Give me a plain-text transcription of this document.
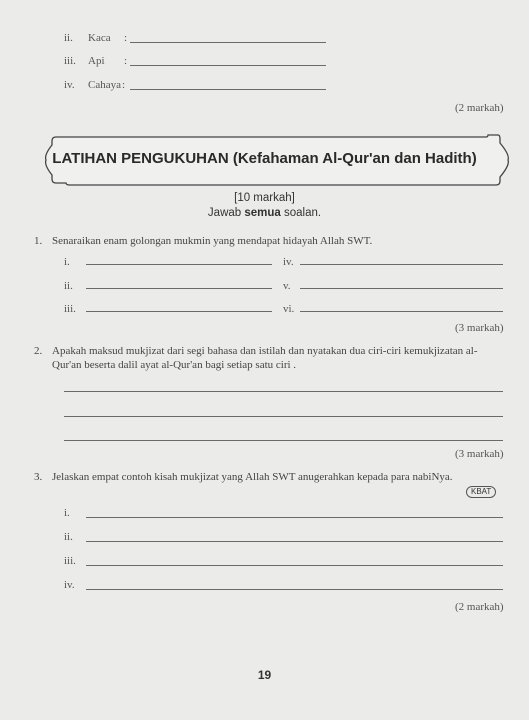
ii. Kaca :
iii. Api :
iv. Cahaya :
(2 markah)
LATIHAN PENGUKUHAN (Kefahaman Al-Qur'an dan Hadith)
[10 markah]
Jawab semua soalan.
1. Senaraikan enam golongan mukmin yang mendapat hidayah Allah SWT.
i.	iv.
ii.	v.
iii.	vi.
(3 markah)
2. Apakah maksud mukjizat dari segi bahasa dan istilah dan nyatakan dua ciri-ciri kemukjizatan al-
Qur'an beserta dalil ayat al-Qur'an bagi setiap satu ciri .
(3 markah)
3. Jelaskan empat contoh kisah mukjizat yang Allah SWT anugerahkan kepada para nabiNya.
KBAT
i.
ii.
iii.
iv.
(2 markah)
19
